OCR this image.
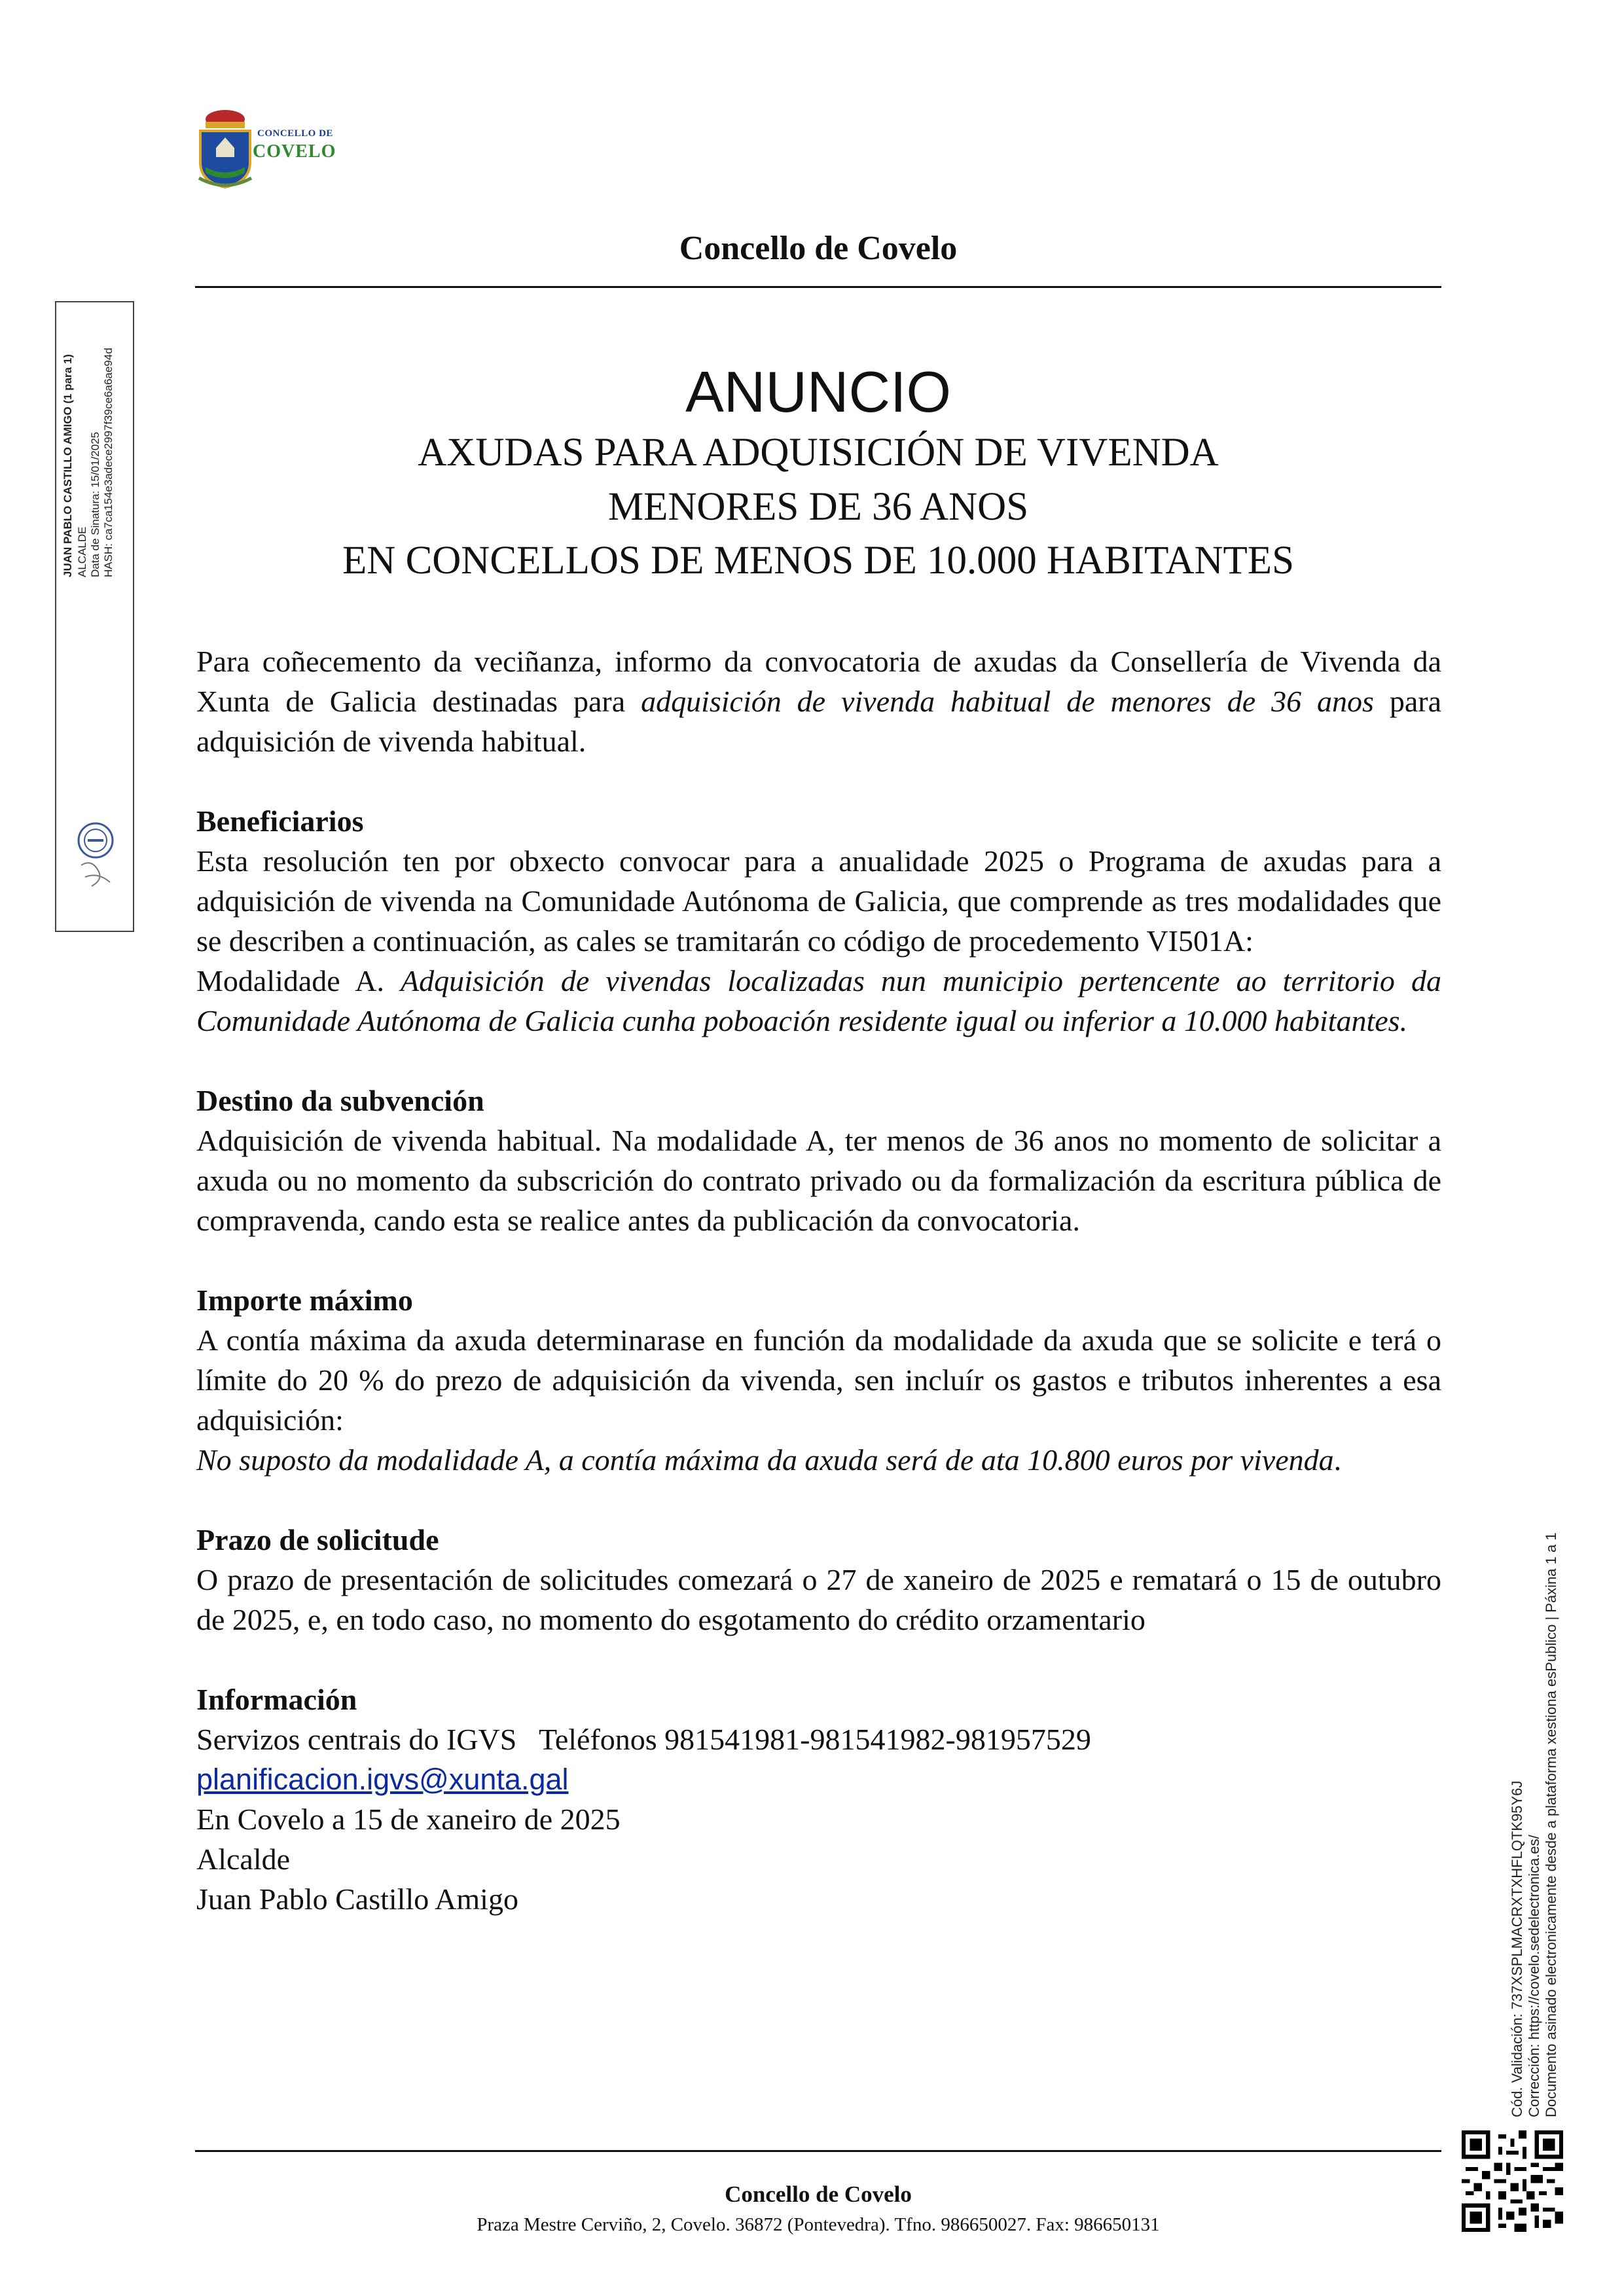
CONCELLO DE
COVELO
Concello de Covelo
ANUNCIO
AXUDAS PARA ADQUISICIÓN DE VIVENDA
MENORES DE 36 ANOS
EN CONCELLOS DE MENOS DE 10.000 HABITANTES

Para coñecemento da veciñanza, informo da convocatoria de axudas da Consellería de Vivenda da Xunta de Galicia destinadas para adquisición de vivenda habitual de menores de 36 anos para adquisición de vivenda habitual.

Beneficiarios

Esta resolución ten por obxecto convocar para a anualidade 2025 o Programa de axudas para a adquisición de vivenda na Comunidade Autónoma de Galicia, que comprende as tres modalidades que se describen a continuación, as cales se tramitarán co código de procedemento VI501A:

Modalidade A. Adquisición de vivendas localizadas nun municipio pertencente ao territorio da Comunidade Autónoma de Galicia cunha poboación residente igual ou inferior a 10.000 habitantes.

Destino da subvención

Adquisición de vivenda habitual. Na modalidade A, ter menos de 36 anos no momento de solicitar a axuda ou no momento da subscrición do contrato privado ou da formalización da escritura pública de compravenda, cando esta se realice antes da publicación da convocatoria.

Importe máximo

A contía máxima da axuda determinarase en función da modalidade da axuda que se solicite e terá o límite do 20 % do prezo de adquisición da vivenda, sen incluír os gastos e tributos inherentes a esa adquisición:

No suposto da modalidade A, a contía máxima da axuda será de ata 10.800 euros por vivenda.

Prazo de solicitude

O prazo de presentación de solicitudes comezará o 27 de xaneiro de 2025 e rematará o 15 de outubro de 2025, e, en todo caso, no momento do esgotamento do crédito orzamentario

Información

Servizos centrais do IGVS   Teléfonos 981541981-981541982-981957529

planificacion.igvs@xunta.gal

En Covelo a 15 de xaneiro de 2025

Alcalde

Juan Pablo Castillo Amigo

Concello de Covelo
Praza Mestre Cerviño, 2, Covelo. 36872 (Pontevedra). Tfno. 986650027. Fax: 986650131
JUAN PABLO CASTILLO AMIGO (1 para 1) ALCALDE Data de Sinatura: 15/01/2025 HASH: ca7ca154e3adece2997f39ce6a6ae94d
Cód. Validación: 737XSPLMACRXTXHFLQTK95Y6J Corrección: https://covelo.sedelectronica.es/ Documento asinado electronicamente desde a plataforma xestiona esPublico | Páxina 1 a 1
